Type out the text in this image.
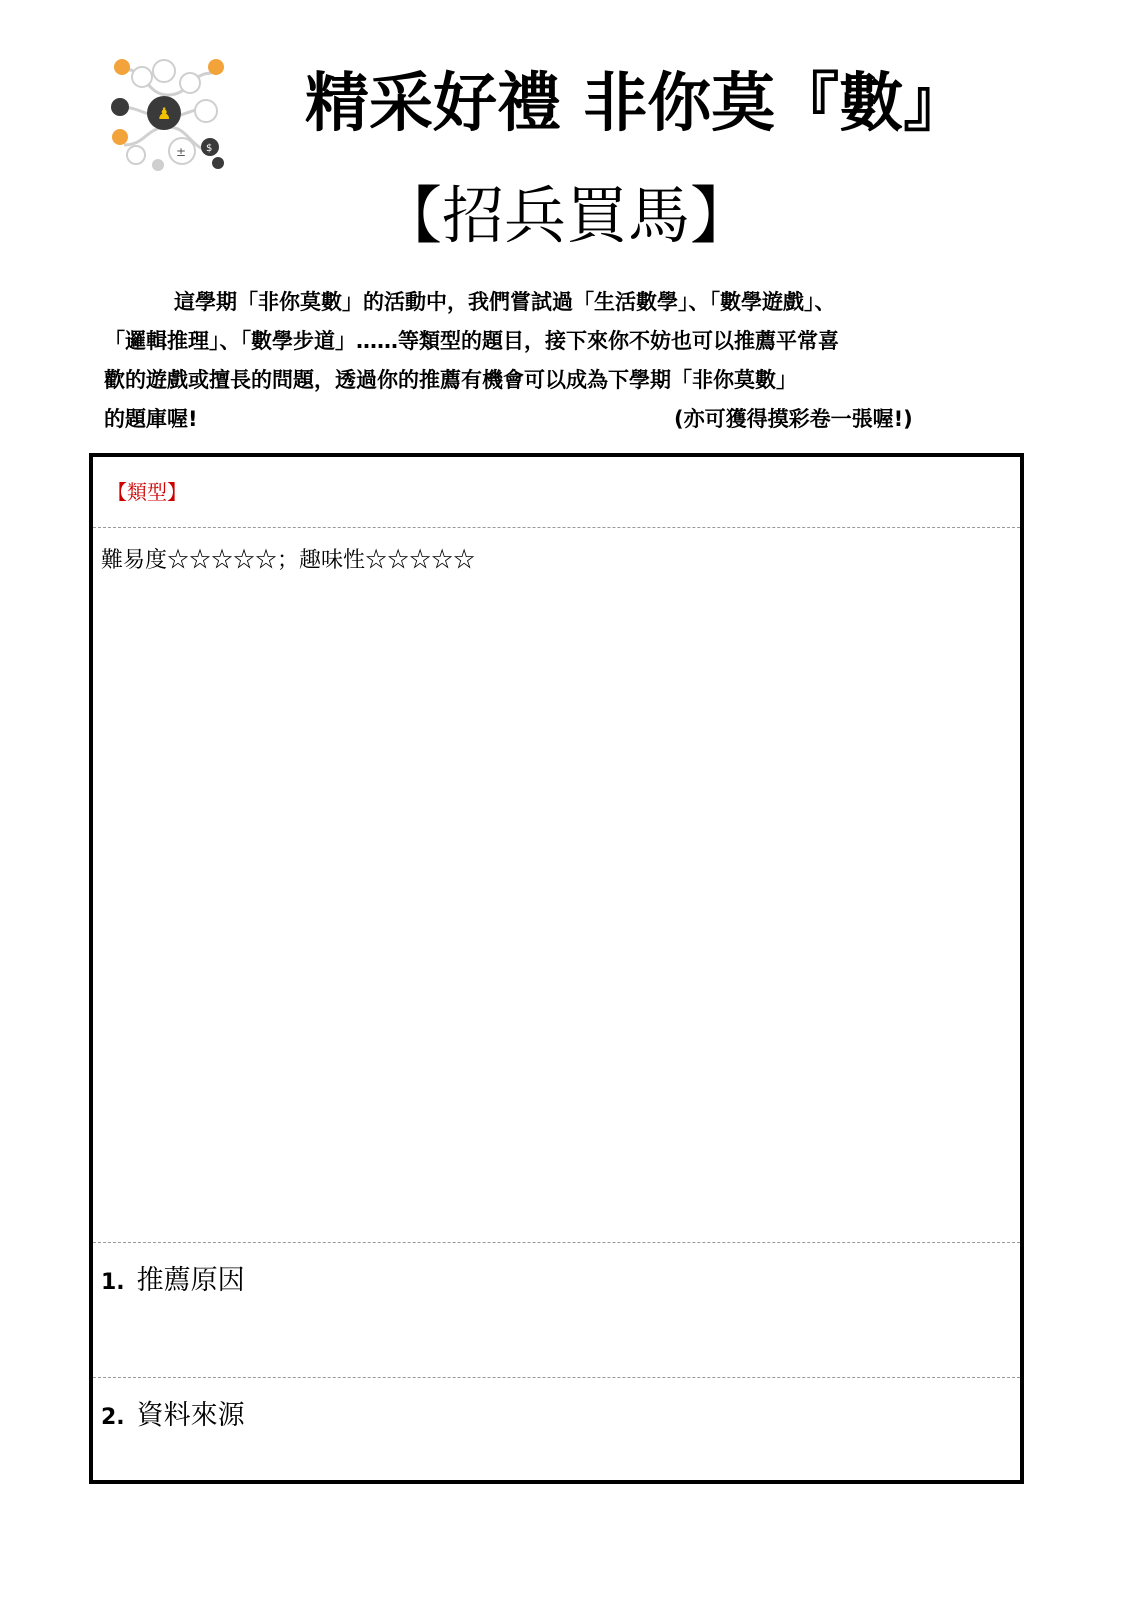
♟
± $
精采好禮 非你莫『數』
【招兵買馬】
這學期「非你莫數」的活動中，我們嘗試過「生活數學」、「數學遊戲」、
「邏輯推理」、「數學步道」……等類型的題目，接下來你不妨也可以推薦平常喜
歡的遊戲或擅長的問題，透過你的推薦有機會可以成為下學期「非你莫數」
的題庫喔!	(亦可獲得摸彩卷一張喔!)
【類型】
難易度☆☆☆☆☆；趣味性☆☆☆☆☆
1. 推薦原因
2. 資料來源
